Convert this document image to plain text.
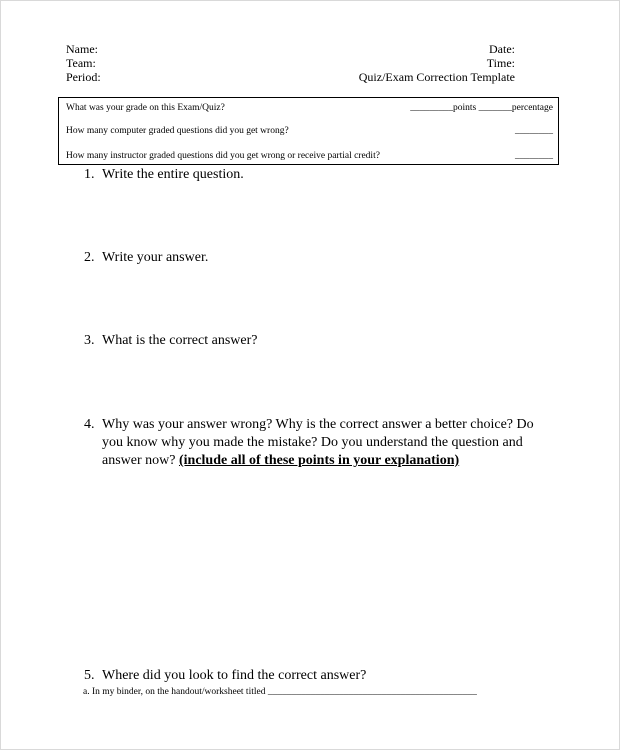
Name:
Team:
Period:
Date:
Time:
Quiz/Exam Correction Template
What was your grade on this Exam/Quiz?	_________points _______percentage
How many computer graded questions did you get wrong?	________
How many instructor graded questions did you get wrong or receive partial credit?	________
1. Write the entire question.
2. Write your answer.
3. What is the correct answer?
4. Why was your answer wrong? Why is the correct answer a better choice? Do
you know why you made the mistake? Do you understand the question and
answer now? (include all of these points in your explanation)
5. Where did you look to find the correct answer?
a. In my binder, on the handout/worksheet titled ____________________________________________
